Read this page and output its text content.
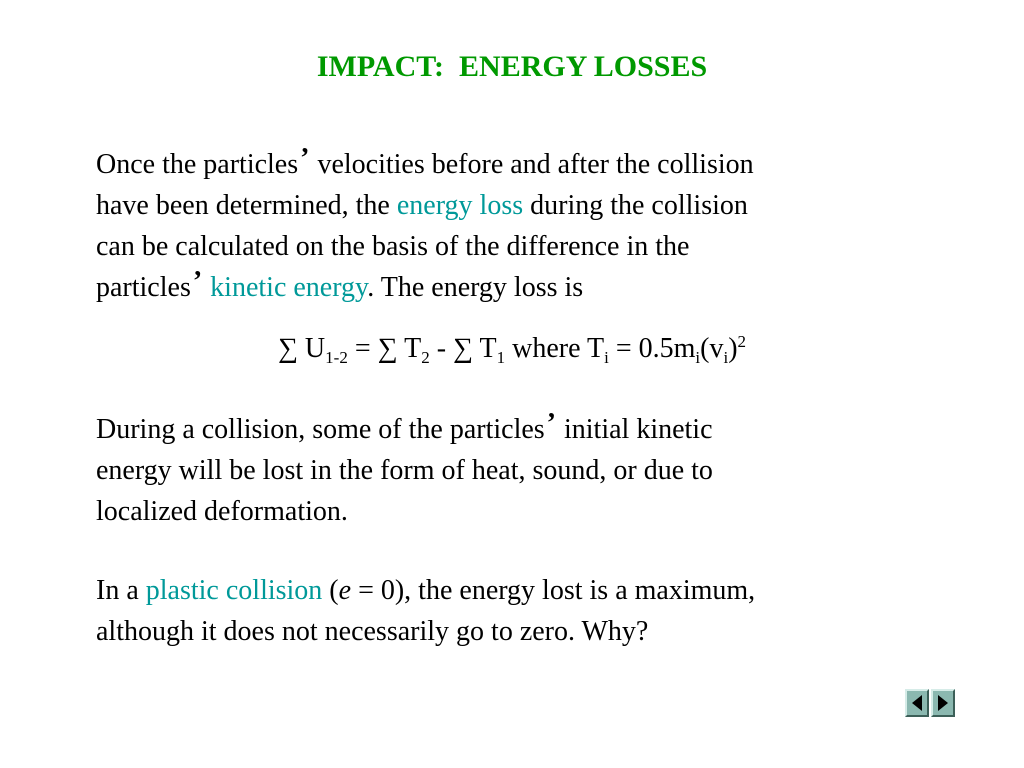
IMPACT:  ENERGY LOSSES
Once the particles’ velocities before and after the collision
have been determined, the energy loss during the collision
can be calculated on the basis of the difference in the
particles’ kinetic energy. The energy loss is
∑ $U_{1-2}$ = ∑ $T_2$ - ∑ $T_1$ where $T_i = 0.5m_i(v_i)^2$
During a collision, some of the particles’ initial kinetic
energy will be lost in the form of heat, sound, or due to
localized deformation.
In a plastic collision (e = 0), the energy lost is a maximum,
although it does not necessarily go to zero. Why?
